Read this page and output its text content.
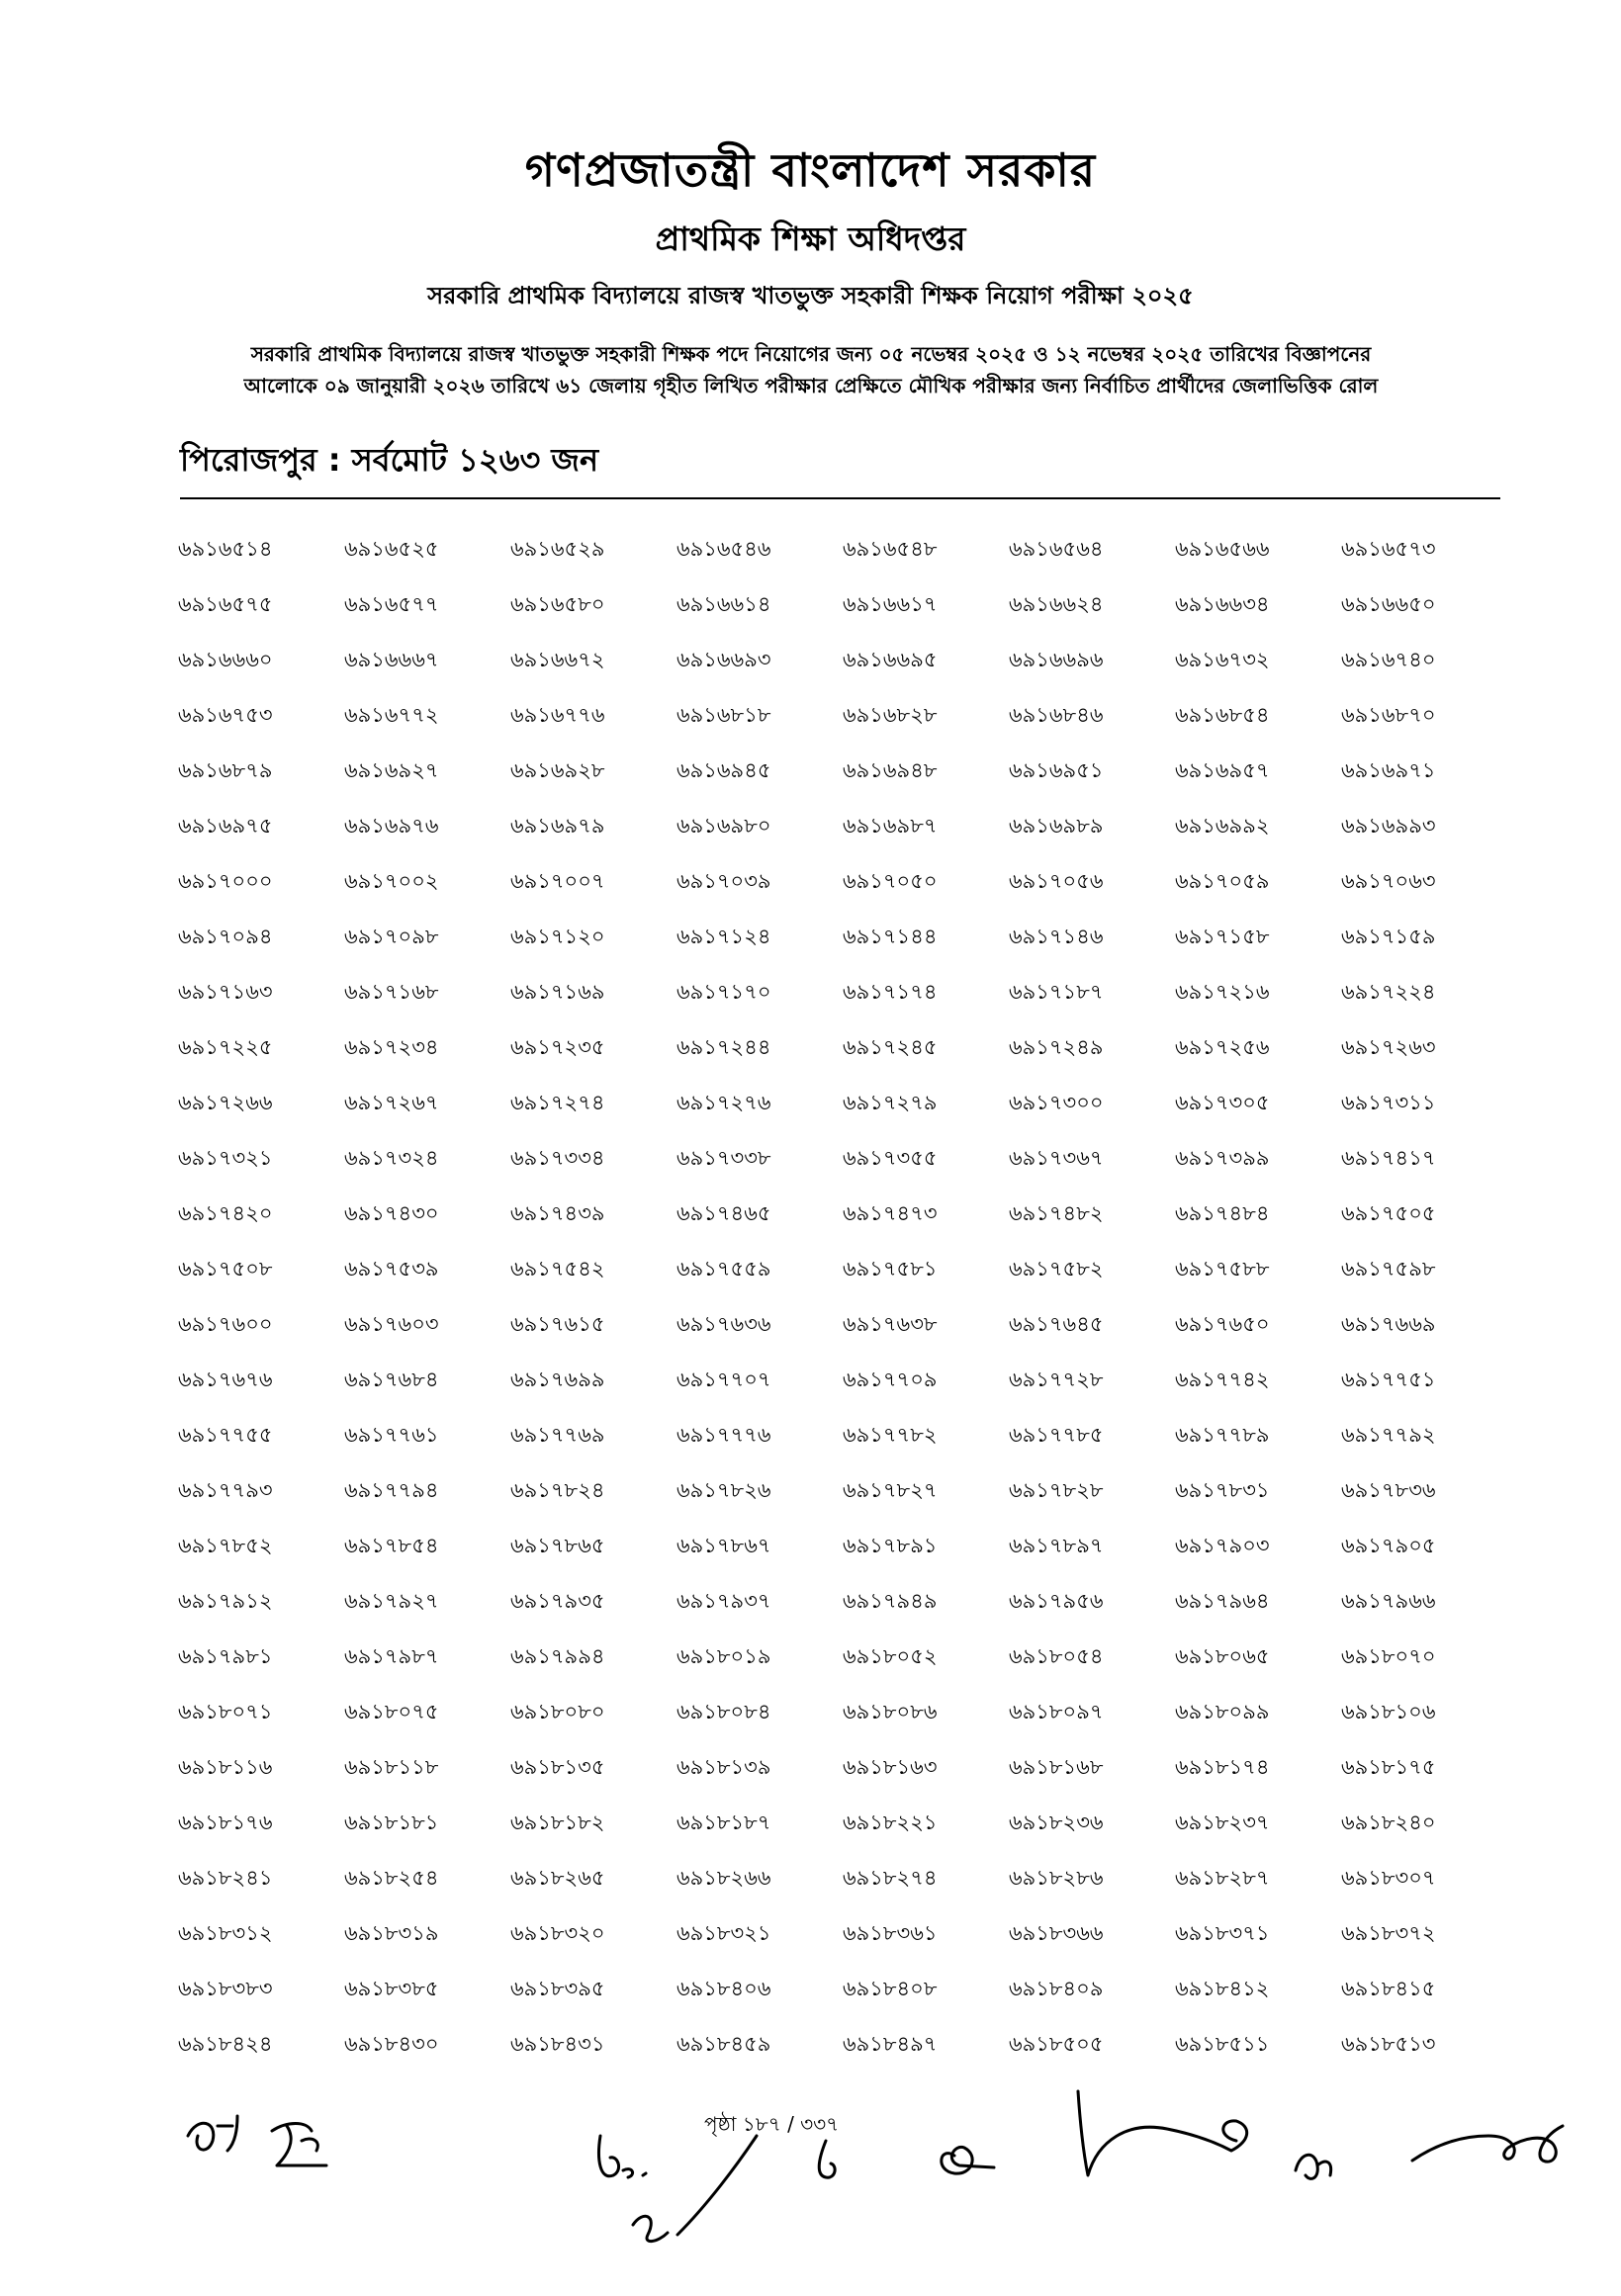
গণপ্রজাতন্ত্রী বাংলাদেশ সরকার
প্রাথমিক শিক্ষা অধিদপ্তর
সরকারি প্রাথমিক বিদ্যালয়ে রাজস্ব খাতভুক্ত সহকারী শিক্ষক নিয়োগ পরীক্ষা ২০২৫
সরকারি প্রাথমিক বিদ্যালয়ে রাজস্ব খাতভুক্ত সহকারী শিক্ষক পদে নিয়োগের জন্য ০৫ নভেম্বর ২০২৫ ও ১২ নভেম্বর ২০২৫ তারিখের বিজ্ঞাপনের
আলোকে ০৯ জানুয়ারী ২০২৬ তারিখে ৬১ জেলায় গৃহীত লিখিত পরীক্ষার প্রেক্ষিতে মৌখিক পরীক্ষার জন্য নির্বাচিত প্রার্থীদের জেলাভিত্তিক রোল
পিরোজপুর : সর্বমোট ১২৬৩ জন
৬৯১৬৫১৪	৬৯১৬৫২৫	৬৯১৬৫২৯	৬৯১৬৫৪৬	৬৯১৬৫৪৮	৬৯১৬৫৬৪	৬৯১৬৫৬৬	৬৯১৬৫৭৩
৬৯১৬৫৭৫	৬৯১৬৫৭৭	৬৯১৬৫৮০	৬৯১৬৬১৪	৬৯১৬৬১৭	৬৯১৬৬২৪	৬৯১৬৬৩৪	৬৯১৬৬৫০
৬৯১৬৬৬০	৬৯১৬৬৬৭	৬৯১৬৬৭২	৬৯১৬৬৯৩	৬৯১৬৬৯৫	৬৯১৬৬৯৬	৬৯১৬৭৩২	৬৯১৬৭৪০
৬৯১৬৭৫৩	৬৯১৬৭৭২	৬৯১৬৭৭৬	৬৯১৬৮১৮	৬৯১৬৮২৮	৬৯১৬৮৪৬	৬৯১৬৮৫৪	৬৯১৬৮৭০
৬৯১৬৮৭৯	৬৯১৬৯২৭	৬৯১৬৯২৮	৬৯১৬৯৪৫	৬৯১৬৯৪৮	৬৯১৬৯৫১	৬৯১৬৯৫৭	৬৯১৬৯৭১
৬৯১৬৯৭৫	৬৯১৬৯৭৬	৬৯১৬৯৭৯	৬৯১৬৯৮০	৬৯১৬৯৮৭	৬৯১৬৯৮৯	৬৯১৬৯৯২	৬৯১৬৯৯৩
৬৯১৭০০০	৬৯১৭০০২	৬৯১৭০০৭	৬৯১৭০৩৯	৬৯১৭০৫০	৬৯১৭০৫৬	৬৯১৭০৫৯	৬৯১৭০৬৩
৬৯১৭০৯৪	৬৯১৭০৯৮	৬৯১৭১২০	৬৯১৭১২৪	৬৯১৭১৪৪	৬৯১৭১৪৬	৬৯১৭১৫৮	৬৯১৭১৫৯
৬৯১৭১৬৩	৬৯১৭১৬৮	৬৯১৭১৬৯	৬৯১৭১৭০	৬৯১৭১৭৪	৬৯১৭১৮৭	৬৯১৭২১৬	৬৯১৭২২৪
৬৯১৭২২৫	৬৯১৭২৩৪	৬৯১৭২৩৫	৬৯১৭২৪৪	৬৯১৭২৪৫	৬৯১৭২৪৯	৬৯১৭২৫৬	৬৯১৭২৬৩
৬৯১৭২৬৬	৬৯১৭২৬৭	৬৯১৭২৭৪	৬৯১৭২৭৬	৬৯১৭২৭৯	৬৯১৭৩০০	৬৯১৭৩০৫	৬৯১৭৩১১
৬৯১৭৩২১	৬৯১৭৩২৪	৬৯১৭৩৩৪	৬৯১৭৩৩৮	৬৯১৭৩৫৫	৬৯১৭৩৬৭	৬৯১৭৩৯৯	৬৯১৭৪১৭
৬৯১৭৪২০	৬৯১৭৪৩০	৬৯১৭৪৩৯	৬৯১৭৪৬৫	৬৯১৭৪৭৩	৬৯১৭৪৮২	৬৯১৭৪৮৪	৬৯১৭৫০৫
৬৯১৭৫০৮	৬৯১৭৫৩৯	৬৯১৭৫৪২	৬৯১৭৫৫৯	৬৯১৭৫৮১	৬৯১৭৫৮২	৬৯১৭৫৮৮	৬৯১৭৫৯৮
৬৯১৭৬০০	৬৯১৭৬০৩	৬৯১৭৬১৫	৬৯১৭৬৩৬	৬৯১৭৬৩৮	৬৯১৭৬৪৫	৬৯১৭৬৫০	৬৯১৭৬৬৯
৬৯১৭৬৭৬	৬৯১৭৬৮৪	৬৯১৭৬৯৯	৬৯১৭৭০৭	৬৯১৭৭০৯	৬৯১৭৭২৮	৬৯১৭৭৪২	৬৯১৭৭৫১
৬৯১৭৭৫৫	৬৯১৭৭৬১	৬৯১৭৭৬৯	৬৯১৭৭৭৬	৬৯১৭৭৮২	৬৯১৭৭৮৫	৬৯১৭৭৮৯	৬৯১৭৭৯২
৬৯১৭৭৯৩	৬৯১৭৭৯৪	৬৯১৭৮২৪	৬৯১৭৮২৬	৬৯১৭৮২৭	৬৯১৭৮২৮	৬৯১৭৮৩১	৬৯১৭৮৩৬
৬৯১৭৮৫২	৬৯১৭৮৫৪	৬৯১৭৮৬৫	৬৯১৭৮৬৭	৬৯১৭৮৯১	৬৯১৭৮৯৭	৬৯১৭৯০৩	৬৯১৭৯০৫
৬৯১৭৯১২	৬৯১৭৯২৭	৬৯১৭৯৩৫	৬৯১৭৯৩৭	৬৯১৭৯৪৯	৬৯১৭৯৫৬	৬৯১৭৯৬৪	৬৯১৭৯৬৬
৬৯১৭৯৮১	৬৯১৭৯৮৭	৬৯১৭৯৯৪	৬৯১৮০১৯	৬৯১৮০৫২	৬৯১৮০৫৪	৬৯১৮০৬৫	৬৯১৮০৭০
৬৯১৮০৭১	৬৯১৮০৭৫	৬৯১৮০৮০	৬৯১৮০৮৪	৬৯১৮০৮৬	৬৯১৮০৯৭	৬৯১৮০৯৯	৬৯১৮১০৬
৬৯১৮১১৬	৬৯১৮১১৮	৬৯১৮১৩৫	৬৯১৮১৩৯	৬৯১৮১৬৩	৬৯১৮১৬৮	৬৯১৮১৭৪	৬৯১৮১৭৫
৬৯১৮১৭৬	৬৯১৮১৮১	৬৯১৮১৮২	৬৯১৮১৮৭	৬৯১৮২২১	৬৯১৮২৩৬	৬৯১৮২৩৭	৬৯১৮২৪০
৬৯১৮২৪১	৬৯১৮২৫৪	৬৯১৮২৬৫	৬৯১৮২৬৬	৬৯১৮২৭৪	৬৯১৮২৮৬	৬৯১৮২৮৭	৬৯১৮৩০৭
৬৯১৮৩১২	৬৯১৮৩১৯	৬৯১৮৩২০	৬৯১৮৩২১	৬৯১৮৩৬১	৬৯১৮৩৬৬	৬৯১৮৩৭১	৬৯১৮৩৭২
৬৯১৮৩৮৩	৬৯১৮৩৮৫	৬৯১৮৩৯৫	৬৯১৮৪০৬	৬৯১৮৪০৮	৬৯১৮৪০৯	৬৯১৮৪১২	৬৯১৮৪১৫
৬৯১৮৪২৪	৬৯১৮৪৩০	৬৯১৮৪৩১	৬৯১৮৪৫৯	৬৯১৮৪৯৭	৬৯১৮৫০৫	৬৯১৮৫১১	৬৯১৮৫১৩
পৃষ্ঠা ১৮৭ / ৩৩৭
